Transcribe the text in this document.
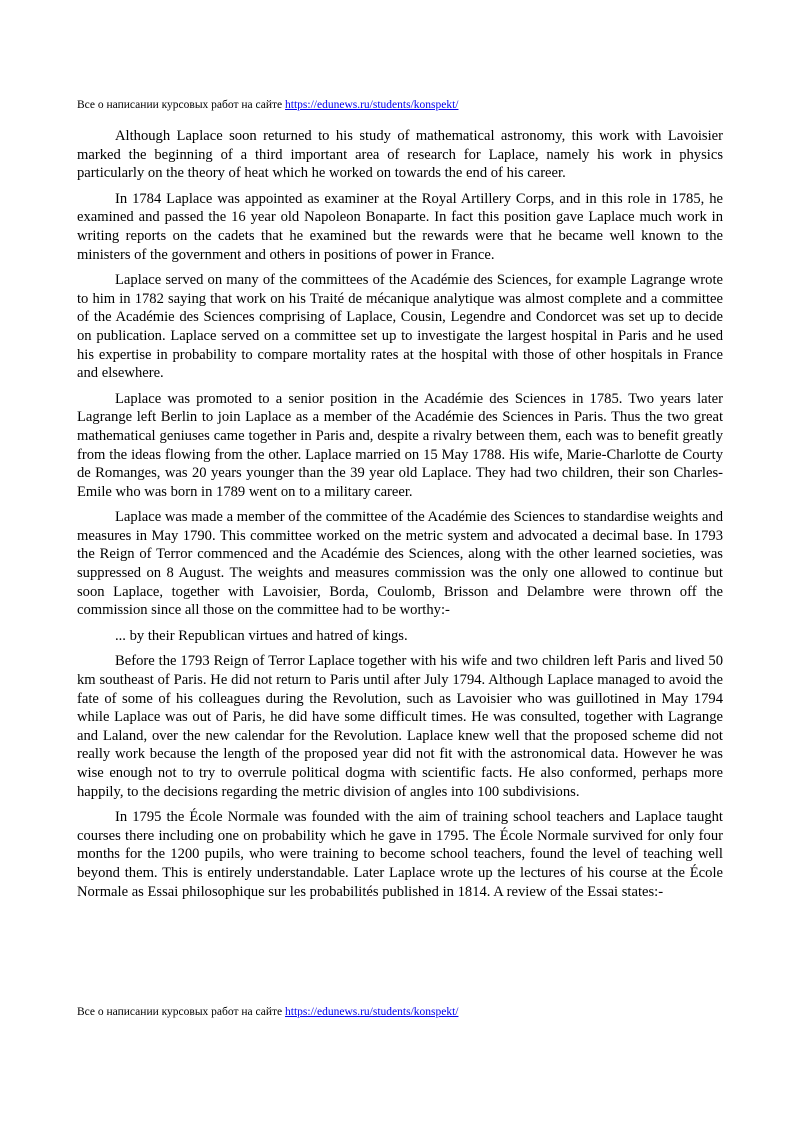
Все о написании курсовых работ на сайте https://edunews.ru/students/konspekt/

Although Laplace soon returned to his study of mathematical astronomy, this work with Lavoisier marked the beginning of a third important area of research for Laplace, namely his work in physics particularly on the theory of heat which he worked on towards the end of his career.

In 1784 Laplace was appointed as examiner at the Royal Artillery Corps, and in this role in 1785, he examined and passed the 16 year old Napoleon Bonaparte. In fact this position gave Laplace much work in writing reports on the cadets that he examined but the rewards were that he became well known to the ministers of the government and others in positions of power in France.

Laplace served on many of the committees of the Académie des Sciences, for example Lagrange wrote to him in 1782 saying that work on his Traité de mécanique analytique was almost complete and a committee of the Académie des Sciences comprising of Laplace, Cousin, Legendre and Condorcet was set up to decide on publication. Laplace served on a committee set up to investigate the largest hospital in Paris and he used his expertise in probability to compare mortality rates at the hospital with those of other hospitals in France and elsewhere.

Laplace was promoted to a senior position in the Académie des Sciences in 1785. Two years later Lagrange left Berlin to join Laplace as a member of the Académie des Sciences in Paris. Thus the two great mathematical geniuses came together in Paris and, despite a rivalry between them, each was to benefit greatly from the ideas flowing from the other. Laplace married on 15 May 1788. His wife, Marie-Charlotte de Courty de Romanges, was 20 years younger than the 39 year old Laplace. They had two children, their son Charles-Emile who was born in 1789 went on to a military career.

Laplace was made a member of the committee of the Académie des Sciences to standardise weights and measures in May 1790. This committee worked on the metric system and advocated a decimal base. In 1793 the Reign of Terror commenced and the Académie des Sciences, along with the other learned societies, was suppressed on 8 August. The weights and measures commission was the only one allowed to continue but soon Laplace, together with Lavoisier, Borda, Coulomb, Brisson and Delambre were thrown off the commission since all those on the committee had to be worthy:-

... by their Republican virtues and hatred of kings.

Before the 1793 Reign of Terror Laplace together with his wife and two children left Paris and lived 50 km southeast of Paris. He did not return to Paris until after July 1794. Although Laplace managed to avoid the fate of some of his colleagues during the Revolution, such as Lavoisier who was guillotined in May 1794 while Laplace was out of Paris, he did have some difficult times. He was consulted, together with Lagrange and Laland, over the new calendar for the Revolution. Laplace knew well that the proposed scheme did not really work because the length of the proposed year did not fit with the astronomical data. However he was wise enough not to try to overrule political dogma with scientific facts. He also conformed, perhaps more happily, to the decisions regarding the metric division of angles into 100 subdivisions.

In 1795 the École Normale was founded with the aim of training school teachers and Laplace taught courses there including one on probability which he gave in 1795. The École Normale survived for only four months for the 1200 pupils, who were training to become school teachers, found the level of teaching well beyond them. This is entirely understandable. Later Laplace wrote up the lectures of his course at the École Normale as Essai philosophique sur les probabilités published in 1814. A review of the Essai states:-

Все о написании курсовых работ на сайте https://edunews.ru/students/konspekt/
